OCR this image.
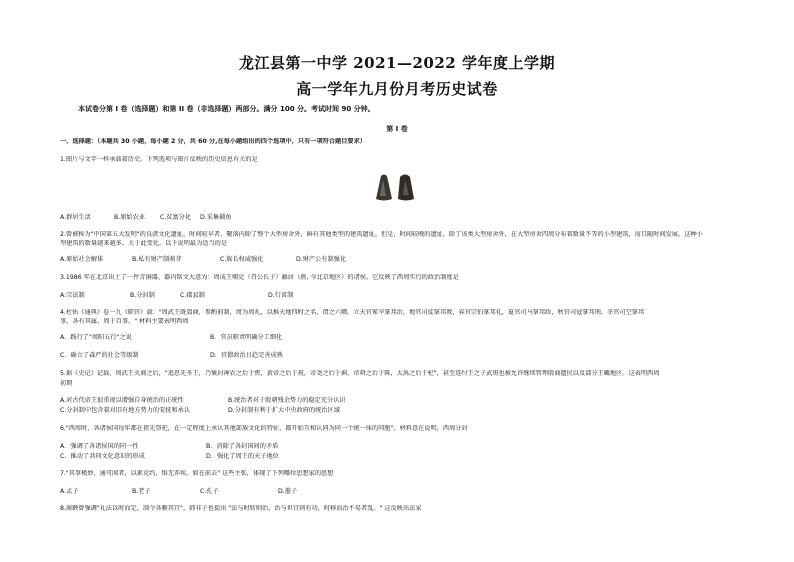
龙江县第一中学 2021—2022 学年度上学期
高一学年九月份月考历史试卷
本试卷分第 I 卷（选择题）和第 II 卷（非选择题）两部分。满分 100 分。考试时间 90 分钟。
第 I 卷
一、选择题：（本题共 30 小题，每小题 2 分，共 60 分,在每小题给出的四个选项中，只有一项符合题目要求）
1.图片与文字一样承载着历史。下列选项与图片反映的历史信息有关的是
A.群居生活	B.原始农业 C.贫富分化 D.采集捕鱼
2.曾被称为"中国第五大发明"的良渚文化遗址，时间较早者，聚落内除了整个大型房舍外，鲜有其他类型的建筑遗址。但是，时间较晚的遗址，除了该类大型房舍外，在大型房舍四周分布着数量不等的小型建筑，而且随时间发展，这种小
型建筑的数量越来越多。关于此变化，以下说明最为适当的是
A.原始社会解体	B.私有财产制萌芽	C.族长权威强化	D.财产公有制强化
3.1986 年在北京出土了一件青铜器，器内铭文大意为：周成王赐克（召公长子）疆居（燕, 今北京地区）的诸侯。它反映了西周实行的政治制度是
A.宗法制	B.分封制	C.郡县制	D.行省制
4.杜佑《通典》卷一九《职官》载："周武王既翦商，参酌前制，周为周礼，以推天地四时之名，谓之六卿。立天官冢宰掌邦治，地官司徒掌邦教，春官宗伯掌邦礼，夏官司马掌邦政，秋官司寇掌邦刑，冬官司空掌邦
事，各有其属，周于百事。" 材料主要表明西周
A．践行了"周阳五行"之说	B．官员职责明确分工细化
C．确立了森严的社会等级制	D．官僚政治日趋完善成熟
5.据《史记》记载，周武王灭商之后，"追思先圣王，乃褒封神农之后于焦，黄帝之后于祝，帝尧之后于蓟，帝舜之后于陈，大禹之后于杞"，甚至连纣王之子武庚也被允许继续管理殷商遗民以及部分王畿地区。这表明西周
初期
A.对古代帝王很重视以增强自身统治的正统性	B.统治者对于殷朝残余势力的稳定充分认识
C.分封制中包含着对旧有地方势力的安抚和承认	D.分封制有利于扩大中央政府的统治区域
6."西周时，各诸侯国每年都在祖先祭祀，在一定程度上承认其他部族文化的特征，都开始互相认同为同一个统一体的同胞"。材料意在说明，西周分封
A．强调了各诸侯国的同一性	B．消除了各封国间的矛盾
C．推动了共同文化意识的形成	D．强化了周王的天子地位
7."其事极妙，通可闻者，以素克约，惧无养疾，如在前去" 这些主张，体现了下列哪位思想家的思想
A.孟子	B.老子	C.孔子	D.墨子
8.商鞅曾强调"礼法以时而定，制令各顺其宜"，韩非子也提出 "法与时转则治，治与世宜则有功，时移而治不易者乱。" 这反映出法家
